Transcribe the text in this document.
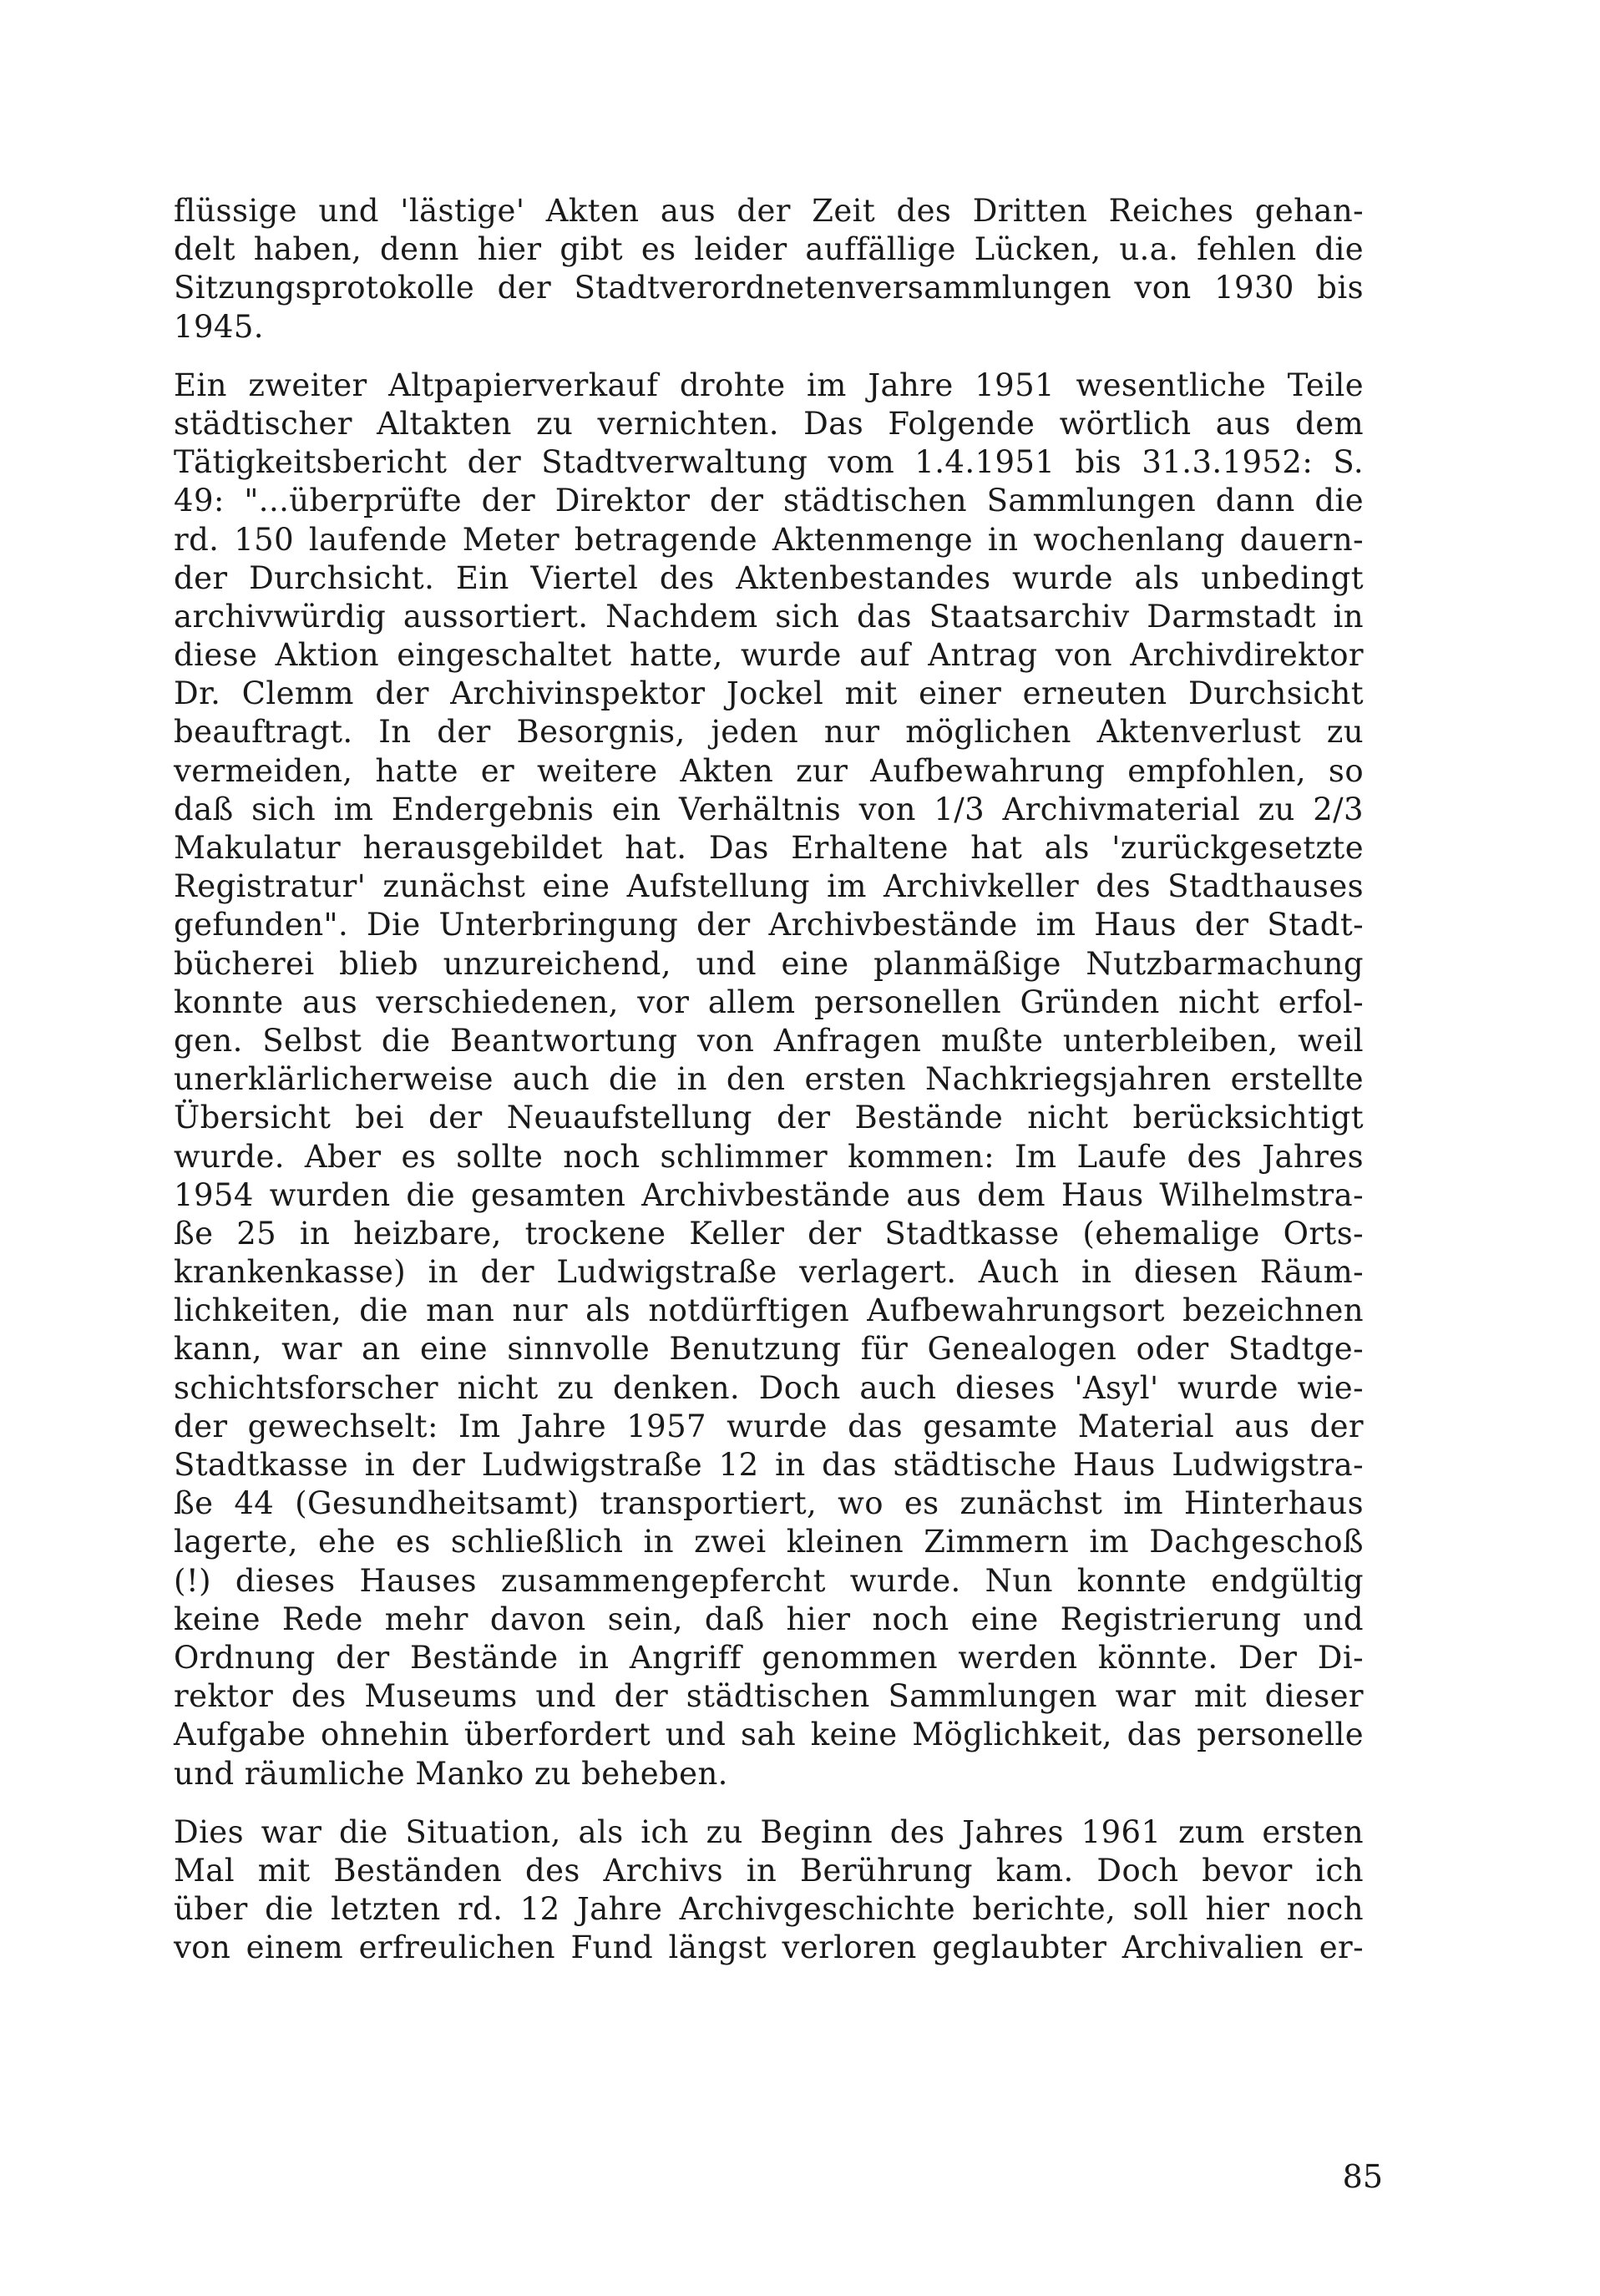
flüssige und 'lästige' Akten aus der Zeit des Dritten Reiches gehan-
delt haben, denn hier gibt es leider auffällige Lücken, u.a. fehlen die
Sitzungsprotokolle der Stadtverordnetenversammlungen von 1930 bis
1945.
Ein zweiter Altpapierverkauf drohte im Jahre 1951 wesentliche Teile
städtischer Altakten zu vernichten. Das Folgende wörtlich aus dem
Tätigkeitsbericht der Stadtverwaltung vom 1.4.1951 bis 31.3.1952: S.
49: "...überprüfte der Direktor der städtischen Sammlungen dann die
rd. 150 laufende Meter betragende Aktenmenge in wochenlang dauern-
der Durchsicht. Ein Viertel des Aktenbestandes wurde als unbedingt
archivwürdig aussortiert. Nachdem sich das Staatsarchiv Darmstadt in
diese Aktion eingeschaltet hatte, wurde auf Antrag von Archivdirektor
Dr. Clemm der Archivinspektor Jockel mit einer erneuten Durchsicht
beauftragt. In der Besorgnis, jeden nur möglichen Aktenverlust zu
vermeiden, hatte er weitere Akten zur Aufbewahrung empfohlen, so
daß sich im Endergebnis ein Verhältnis von 1/3 Archivmaterial zu 2/3
Makulatur herausgebildet hat. Das Erhaltene hat als 'zurückgesetzte
Registratur' zunächst eine Aufstellung im Archivkeller des Stadthauses
gefunden". Die Unterbringung der Archivbestände im Haus der Stadt-
bücherei blieb unzureichend, und eine planmäßige Nutzbarmachung
konnte aus verschiedenen, vor allem personellen Gründen nicht erfol-
gen. Selbst die Beantwortung von Anfragen mußte unterbleiben, weil
unerklärlicherweise auch die in den ersten Nachkriegsjahren erstellte
Übersicht bei der Neuaufstellung der Bestände nicht berücksichtigt
wurde. Aber es sollte noch schlimmer kommen: Im Laufe des Jahres
1954 wurden die gesamten Archivbestände aus dem Haus Wilhelmstra-
ße 25 in heizbare, trockene Keller der Stadtkasse (ehemalige Orts-
krankenkasse) in der Ludwigstraße verlagert. Auch in diesen Räum-
lichkeiten, die man nur als notdürftigen Aufbewahrungsort bezeichnen
kann, war an eine sinnvolle Benutzung für Genealogen oder Stadtge-
schichtsforscher nicht zu denken. Doch auch dieses 'Asyl' wurde wie-
der gewechselt: Im Jahre 1957 wurde das gesamte Material aus der
Stadtkasse in der Ludwigstraße 12 in das städtische Haus Ludwigstra-
ße 44 (Gesundheitsamt) transportiert, wo es zunächst im Hinterhaus
lagerte, ehe es schließlich in zwei kleinen Zimmern im Dachgeschoß
(!) dieses Hauses zusammengepfercht wurde. Nun konnte endgültig
keine Rede mehr davon sein, daß hier noch eine Registrierung und
Ordnung der Bestände in Angriff genommen werden könnte. Der Di-
rektor des Museums und der städtischen Sammlungen war mit dieser
Aufgabe ohnehin überfordert und sah keine Möglichkeit, das personelle
und räumliche Manko zu beheben.
Dies war die Situation, als ich zu Beginn des Jahres 1961 zum ersten
Mal mit Beständen des Archivs in Berührung kam. Doch bevor ich
über die letzten rd. 12 Jahre Archivgeschichte berichte, soll hier noch
von einem erfreulichen Fund längst verloren geglaubter Archivalien er-
85
